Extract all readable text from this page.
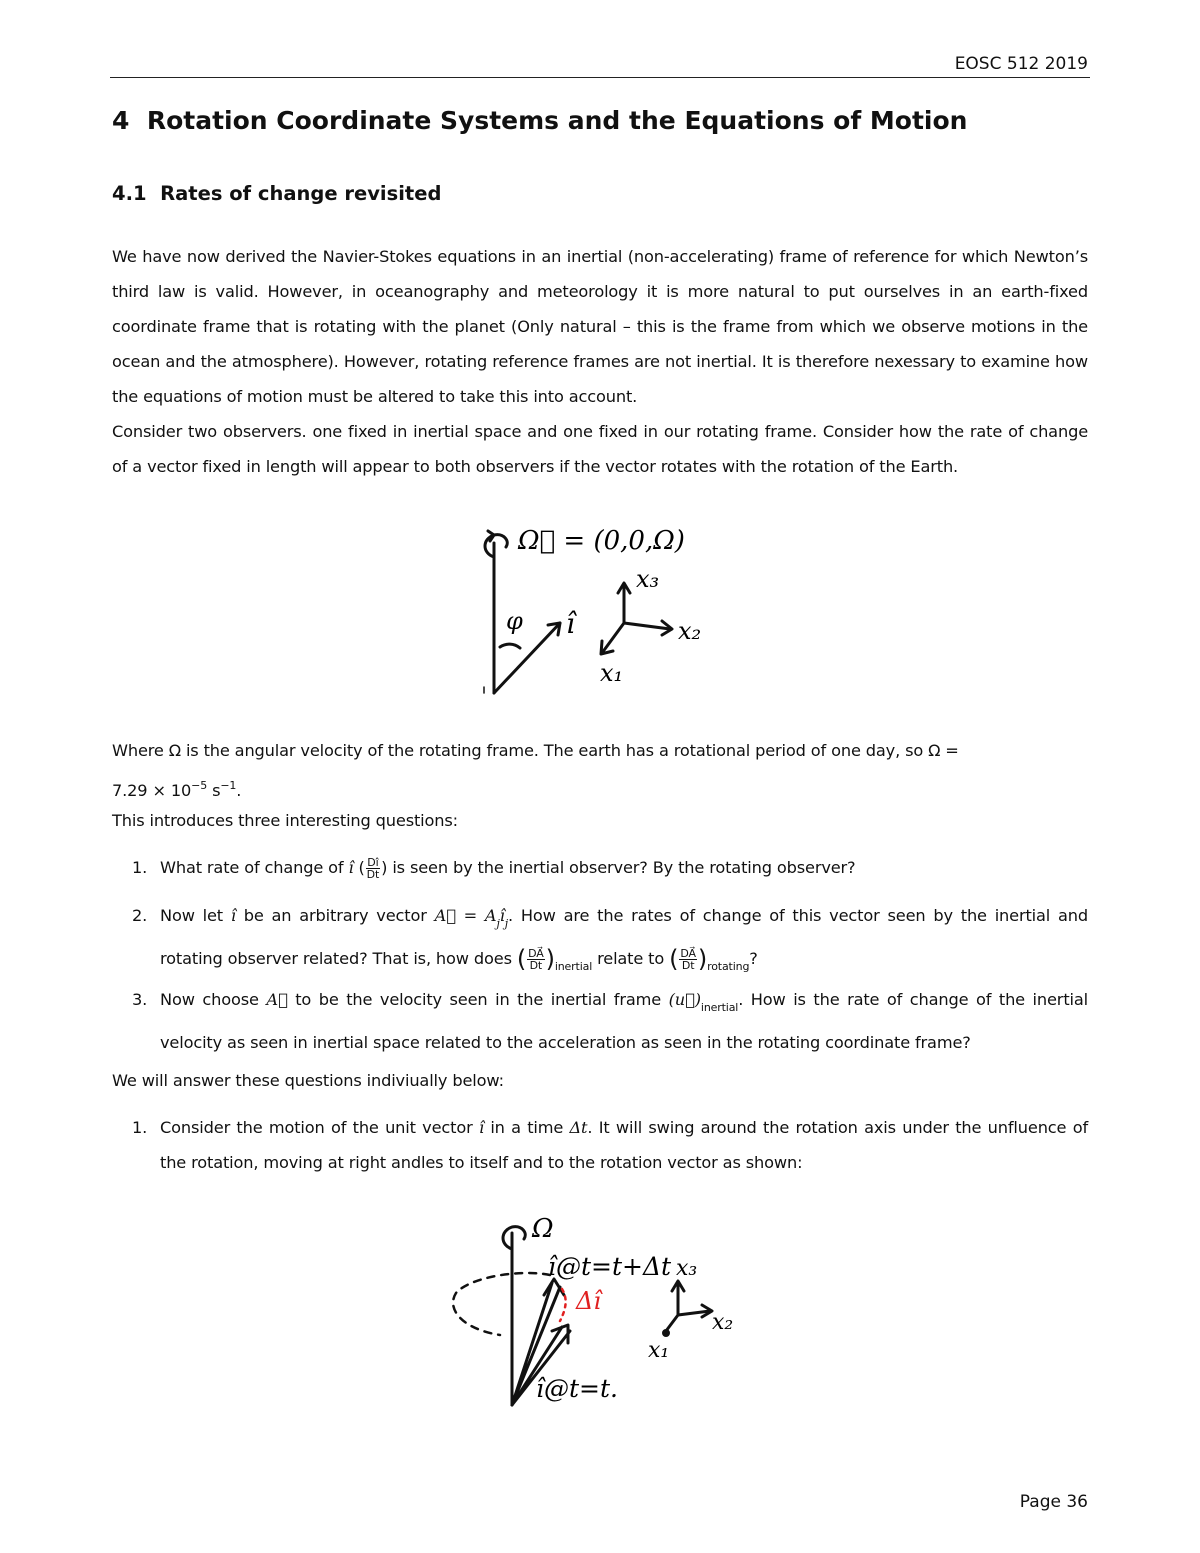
EOSC 512 2019
4 Rotation Coordinate Systems and the Equations of Motion
4.1 Rates of change revisited
We have now derived the Navier-Stokes equations in an inertial (non-accelerating) frame of reference for which Newton’s third law is valid. However, in oceanography and meteorology it is more natural to put ourselves in an earth-fixed coordinate frame that is rotating with the planet (Only natural – this is the frame from which we observe motions in the ocean and the atmosphere). However, rotating reference frames are not inertial. It is therefore nexessary to examine how the equations of motion must be altered to take this into account.
Consider two observers. one fixed in inertial space and one fixed in our rotating frame. Consider how the rate of change of a vector fixed in length will appear to both observers if the vector rotates with the rotation of the Earth.
Ω⃗ = (0,0,Ω)
φ î
x₃
x₂
x₁
Where Ω is the angular velocity of the rotating frame. The earth has a rotational period of one day, so Ω =
$7.29 \times 10^{-5}$ $s^{-1}$.
This introduces three interesting questions:
1. What rate of change of î ( $\frac{Dî}{Dt}$ ) is seen by the inertial observer? By the rotating observer?
2. Now let î be an arbitrary vector A⃗ = $A_jî_j$. How are the rates of change of this vector seen by the inertial and rotating observer related? That is, how does ( $\frac{DA⃗}{Dt} )_{inertial}$ relate to ( $\frac{DA⃗}{Dt} )_{rotating}$?
3. Now choose A⃗ to be the velocity seen in the inertial frame $(u⃗)_{inertial}$. How is the rate of change of the inertial velocity as seen in inertial space related to the acceleration as seen in the rotating coordinate frame?
We will answer these questions indiviually below:
1. Consider the motion of the unit vector î in a time Δt. It will swing around the rotation axis under the unfluence of the rotation, moving at right andles to itself and to the rotation vector as shown:
Ω
î@t=t+Δt
Δî
x₃
x₂
x₁
î@t=t.
Page 36
